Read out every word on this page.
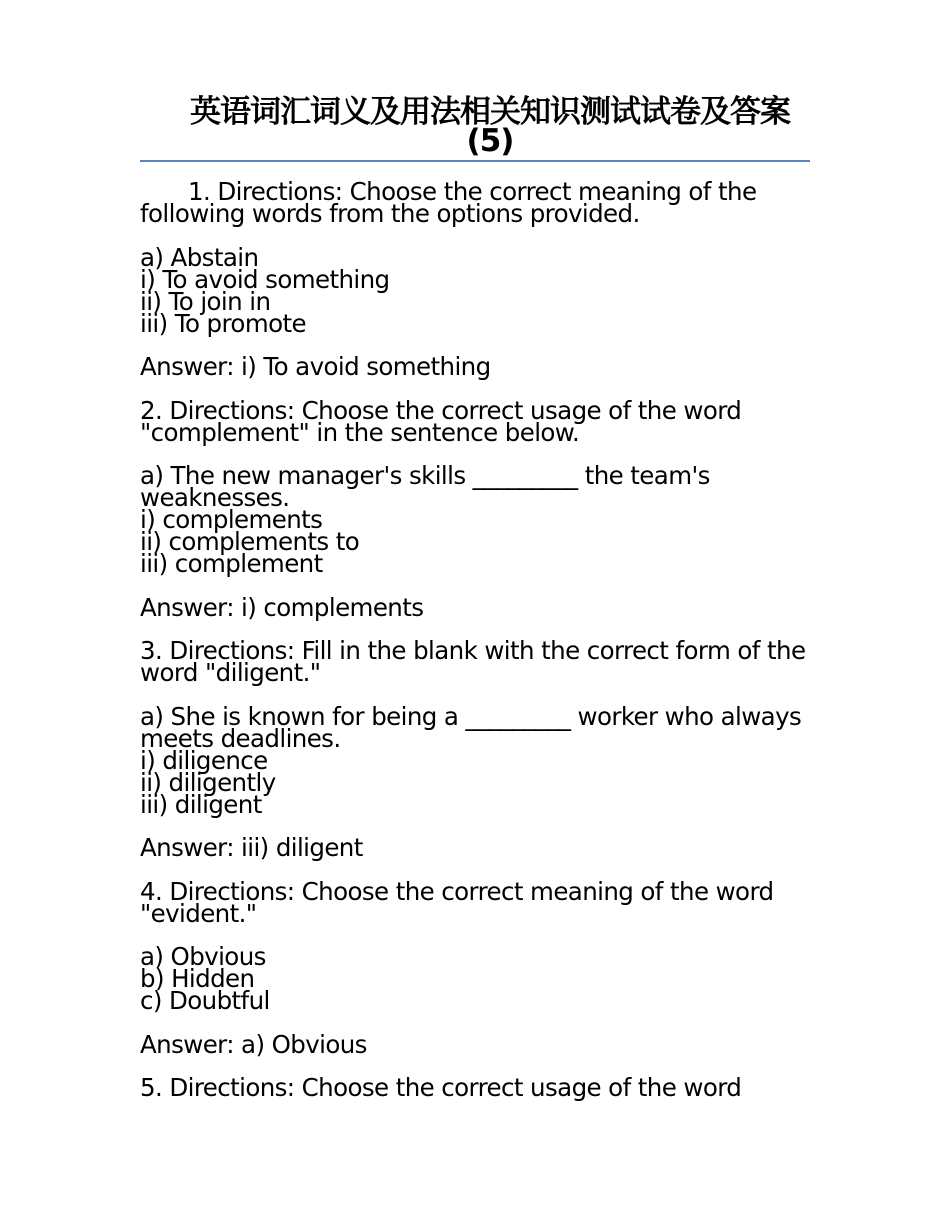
英语词汇词义及用法相关知识测试试卷及答案(5)

1. Directions: Choose the correct meaning of the following words from the options provided.

a) Abstain

i) To avoid something

ii) To join in

iii) To promote

Answer: i) To avoid something

2. Directions: Choose the correct usage of the word "complement" in the sentence below.

a) The new manager's skills _________ the team's weaknesses.

i) complements

ii) complements to

iii) complement

Answer: i) complements

3. Directions: Fill in the blank with the correct form of the word "diligent."

a) She is known for being a _________ worker who always meets deadlines.

i) diligence

ii) diligently

iii) diligent

Answer: iii) diligent

4. Directions: Choose the correct meaning of the word "evident."

a) Obvious

b) Hidden

c) Doubtful

Answer: a) Obvious

5. Directions: Choose the correct usage of the word
